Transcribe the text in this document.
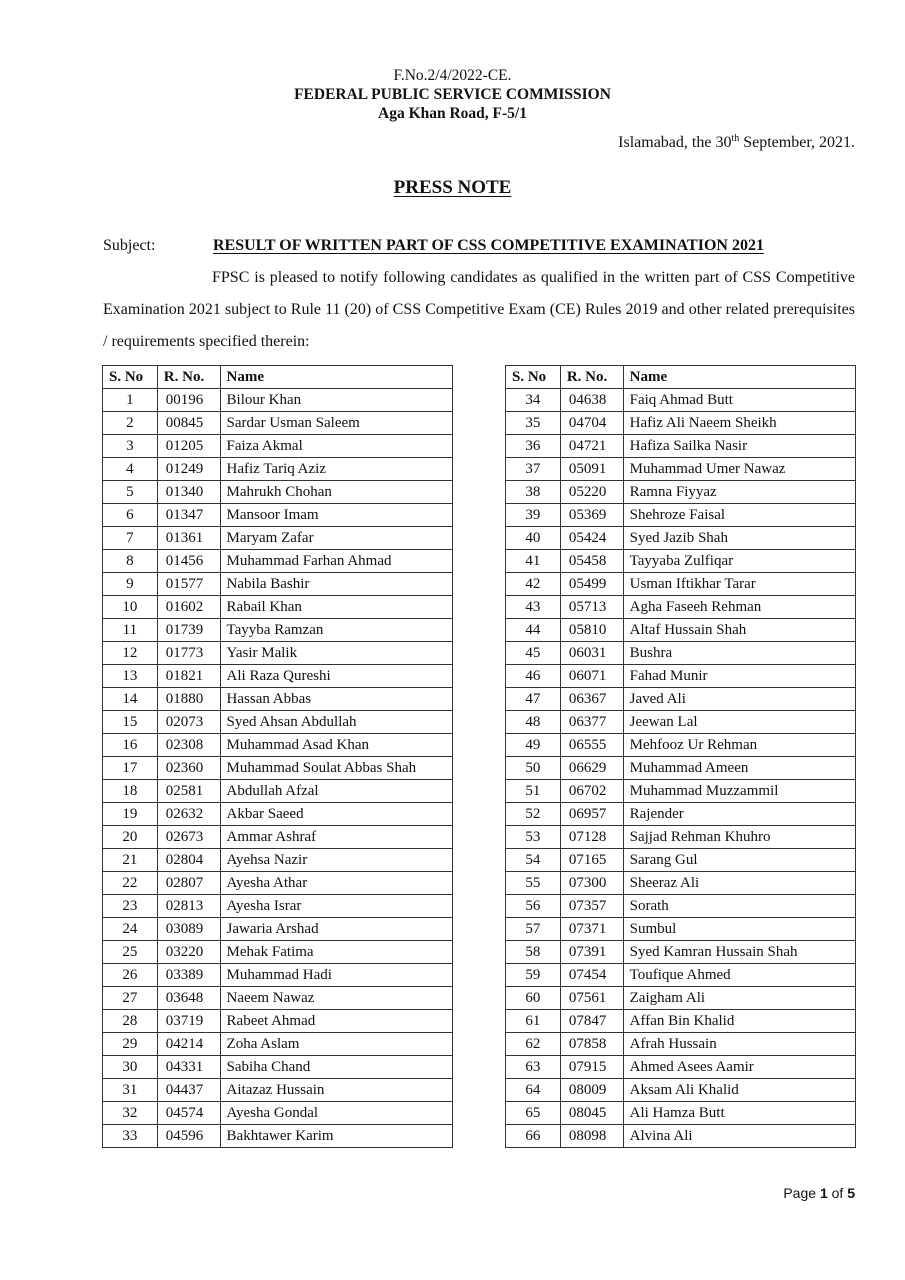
F.No.2/4/2022-CE.
FEDERAL PUBLIC SERVICE COMMISSION
Aga Khan Road, F-5/1
Islamabad, the 30th September, 2021.
PRESS NOTE
Subject:	RESULT OF WRITTEN PART OF CSS COMPETITIVE EXAMINATION 2021
FPSC is pleased to notify following candidates as qualified in the written part of CSS Competitive Examination 2021 subject to Rule 11 (20) of CSS Competitive Exam (CE) Rules 2019 and other related prerequisites / requirements specified therein:
S. No	R. No.	Name
1	00196	Bilour Khan
2	00845	Sardar Usman Saleem
3	01205	Faiza Akmal
4	01249	Hafiz Tariq Aziz
5	01340	Mahrukh Chohan
6	01347	Mansoor Imam
7	01361	Maryam Zafar
8	01456	Muhammad Farhan Ahmad
9	01577	Nabila Bashir
10	01602	Rabail Khan
11	01739	Tayyba Ramzan
12	01773	Yasir Malik
13	01821	Ali Raza Qureshi
14	01880	Hassan Abbas
15	02073	Syed Ahsan Abdullah
16	02308	Muhammad Asad Khan
17	02360	Muhammad Soulat Abbas Shah
18	02581	Abdullah Afzal
19	02632	Akbar Saeed
20	02673	Ammar Ashraf
21	02804	Ayehsa Nazir
22	02807	Ayesha Athar
23	02813	Ayesha Israr
24	03089	Jawaria Arshad
25	03220	Mehak Fatima
26	03389	Muhammad Hadi
27	03648	Naeem Nawaz
28	03719	Rabeet Ahmad
29	04214	Zoha Aslam
30	04331	Sabiha Chand
31	04437	Aitazaz Hussain
32	04574	Ayesha Gondal
33	04596	Bakhtawer Karim
S. No	R. No.	Name
34	04638	Faiq Ahmad Butt
35	04704	Hafiz Ali Naeem Sheikh
36	04721	Hafiza Sailka Nasir
37	05091	Muhammad Umer Nawaz
38	05220	Ramna Fiyyaz
39	05369	Shehroze Faisal
40	05424	Syed Jazib Shah
41	05458	Tayyaba Zulfiqar
42	05499	Usman Iftikhar Tarar
43	05713	Agha Faseeh Rehman
44	05810	Altaf Hussain Shah
45	06031	Bushra
46	06071	Fahad Munir
47	06367	Javed Ali
48	06377	Jeewan Lal
49	06555	Mehfooz Ur Rehman
50	06629	Muhammad Ameen
51	06702	Muhammad Muzzammil
52	06957	Rajender
53	07128	Sajjad Rehman Khuhro
54	07165	Sarang Gul
55	07300	Sheeraz Ali
56	07357	Sorath
57	07371	Sumbul
58	07391	Syed Kamran Hussain Shah
59	07454	Toufique Ahmed
60	07561	Zaigham Ali
61	07847	Affan Bin Khalid
62	07858	Afrah Hussain
63	07915	Ahmed Asees Aamir
64	08009	Aksam Ali Khalid
65	08045	Ali Hamza Butt
66	08098	Alvina Ali
Page 1 of 5
